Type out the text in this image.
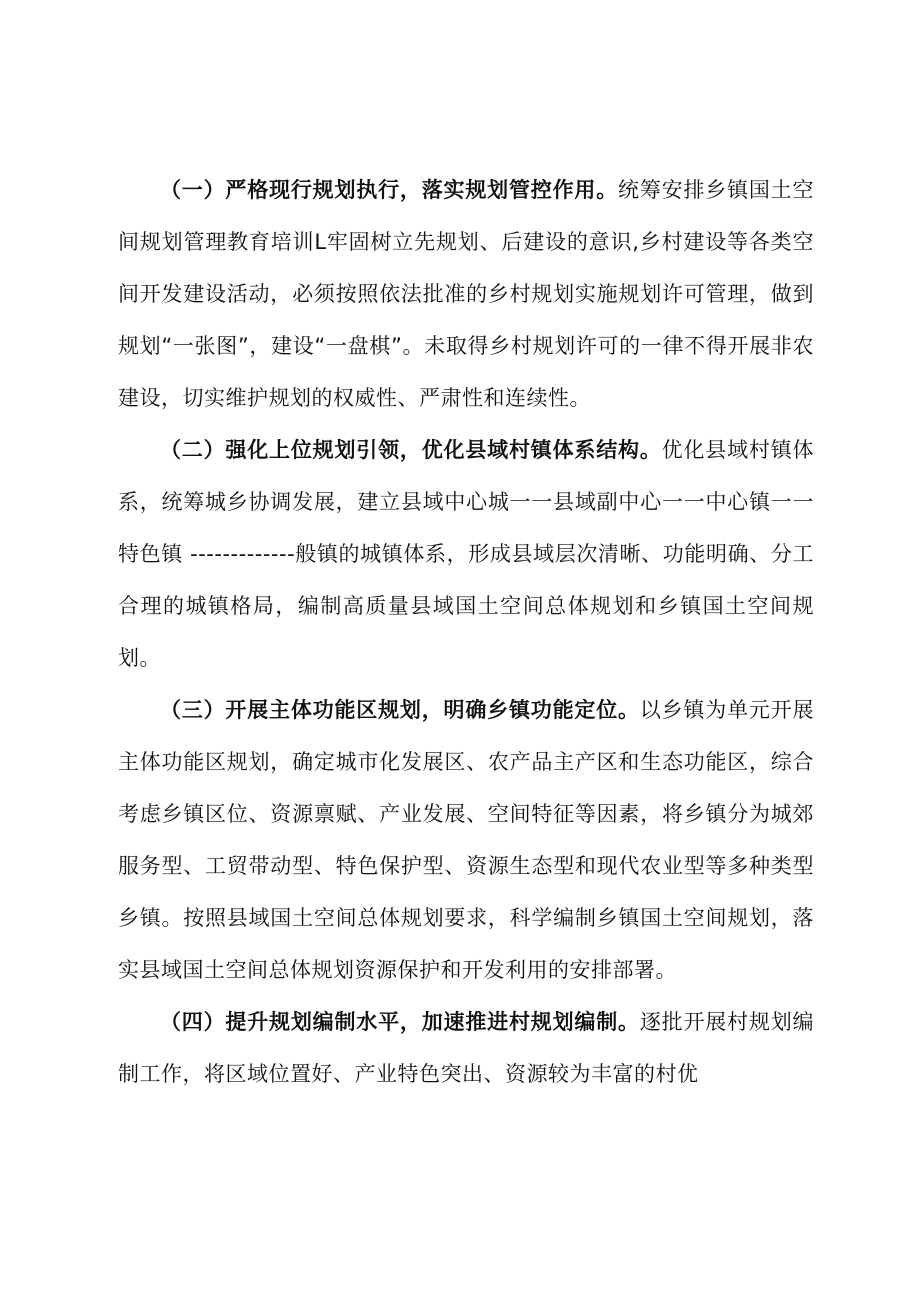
（一）严格现行规划执行，落实规划管控作用。统筹安排乡镇国土空间规划管理教育培训L牢固树立先规划、后建设的意识,乡村建设等各类空间开发建设活动，必须按照依法批准的乡村规划实施规划许可管理，做到规划“一张图”，建设“一盘棋”。未取得乡村规划许可的一律不得开展非农建设，切实维护规划的权威性、严肃性和连续性。

（二）强化上位规划引领，优化县域村镇体系结构。优化县域村镇体系，统筹城乡协调发展，建立县域中心城一一县域副中心一一中心镇一一特色镇 -------------般镇的城镇体系，形成县域层次清晰、功能明确、分工合理的城镇格局，编制高质量县域国土空间总体规划和乡镇国土空间规划。

（三）开展主体功能区规划，明确乡镇功能定位。以乡镇为单元开展主体功能区规划，确定城市化发展区、农产品主产区和生态功能区，综合考虑乡镇区位、资源禀赋、产业发展、空间特征等因素，将乡镇分为城郊服务型、工贸带动型、特色保护型、资源生态型和现代农业型等多种类型乡镇。按照县域国土空间总体规划要求，科学编制乡镇国土空间规划，落实县域国土空间总体规划资源保护和开发利用的安排部署。

（四）提升规划编制水平，加速推进村规划编制。逐批开展村规划编制工作，将区域位置好、产业特色突出、资源较为丰富的村优
